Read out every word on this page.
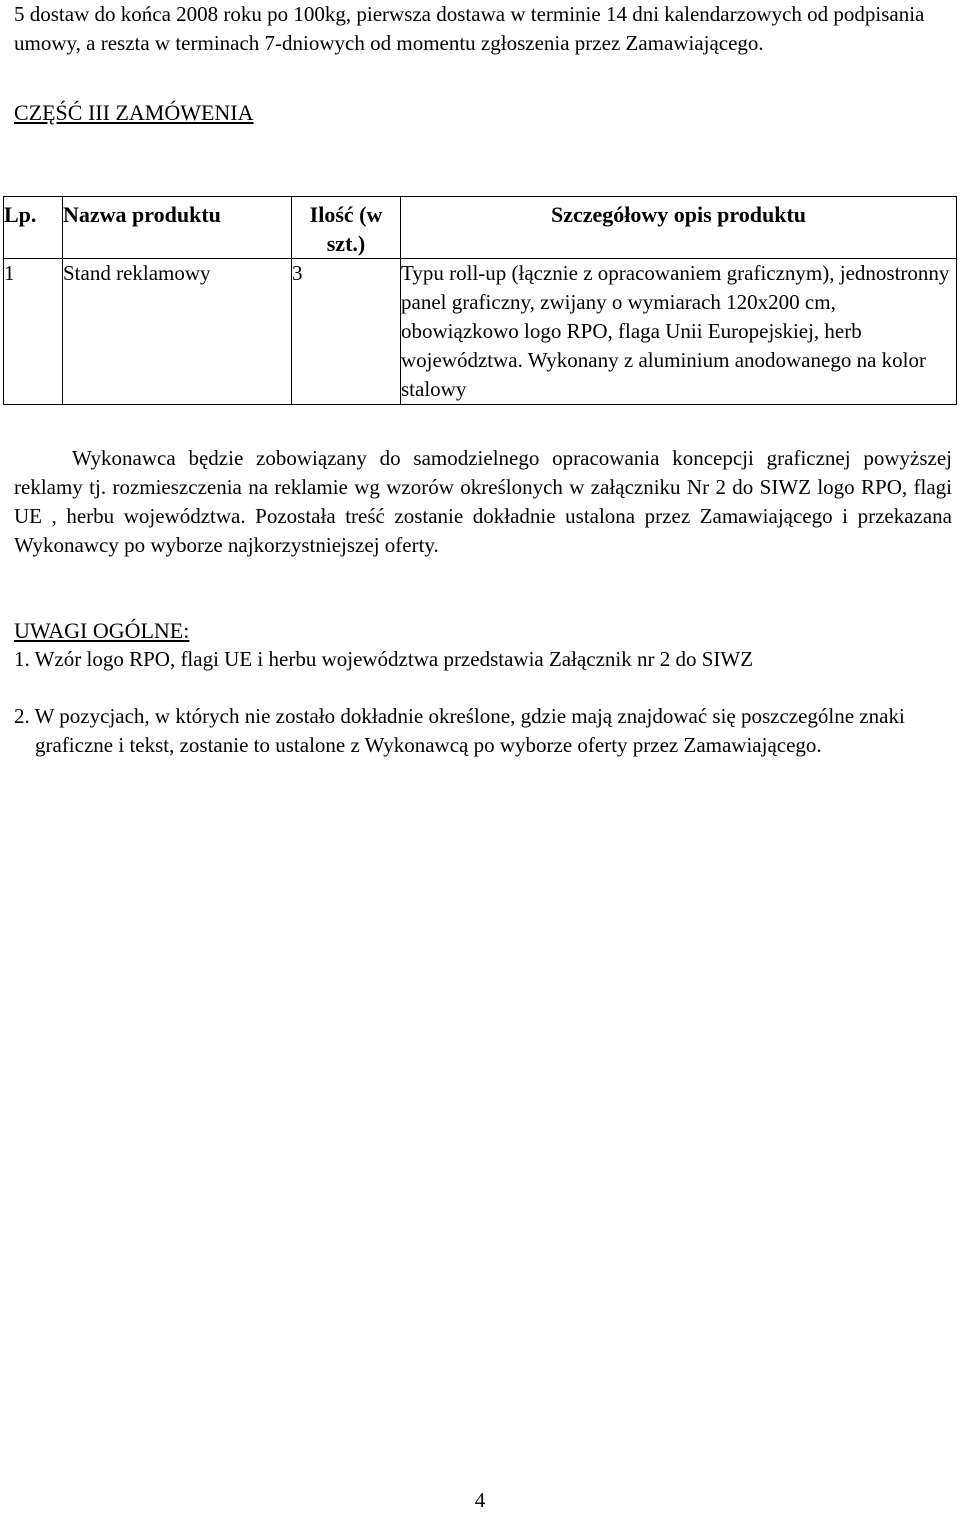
5 dostaw do końca 2008 roku po 100kg, pierwsza dostawa w terminie 14 dni kalendarzowych od podpisania umowy, a reszta w terminach 7-dniowych od momentu zgłoszenia przez Zamawiającego.

CZĘŚĆ III ZAMÓWENIA

Lp.	Nazwa produktu	Ilość (w szt.)	Szczegółowy opis produktu
1	Stand reklamowy	3	Typu roll-up (łącznie z opracowaniem graficznym), jednostronny panel graficzny, zwijany o wymiarach 120x200 cm, obowiązkowo logo RPO, flaga Unii Europejskiej, herb województwa. Wykonany z aluminium anodowanego na kolor stalowy

Wykonawca będzie zobowiązany do samodzielnego opracowania koncepcji graficznej powyższej reklamy tj. rozmieszczenia na reklamie wg wzorów określonych w załączniku Nr 2 do SIWZ logo RPO, flagi UE , herbu województwa. Pozostała treść zostanie dokładnie ustalona przez Zamawiającego i przekazana Wykonawcy po wyborze najkorzystniejszej oferty.

UWAGI OGÓLNE:

1. Wzór logo RPO, flagi UE i herbu województwa przedstawia Załącznik nr 2 do SIWZ

2. W pozycjach, w których nie zostało dokładnie określone, gdzie mają znajdować się poszczególne znaki graficzne i tekst, zostanie to ustalone z Wykonawcą po wyborze oferty przez Zamawiającego.

4
